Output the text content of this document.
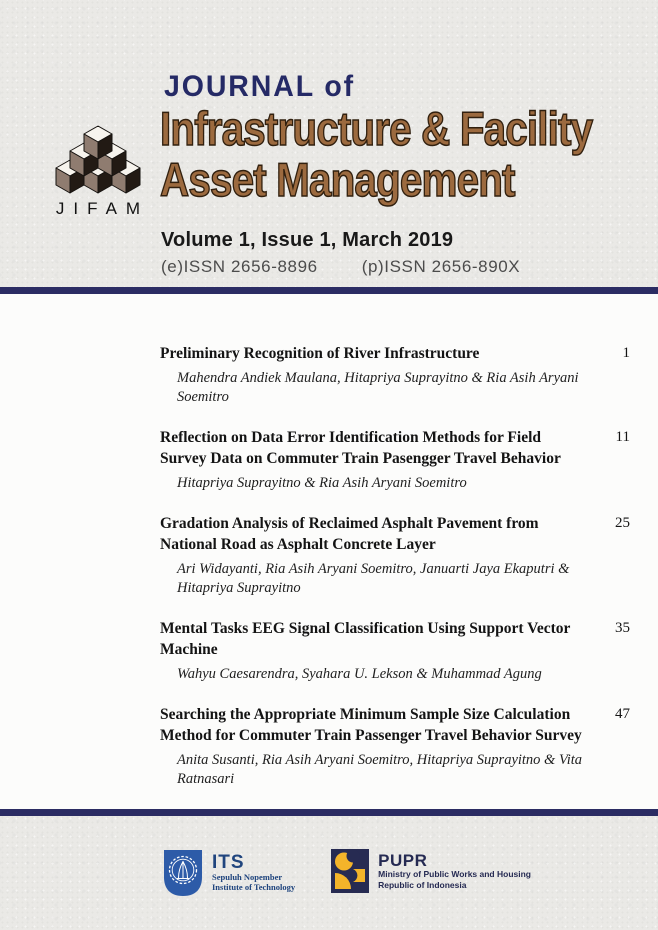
JIFAM
JOURNAL of
Infrastructure & Facility
Asset Management
Volume 1, Issue 1, March 2019
(e)ISSN 2656-8896	(p)ISSN 2656-890X
Preliminary Recognition of River Infrastructure
Mahendra Andiek Maulana, Hitapriya Suprayitno & Ria Asih Aryani Soemitro
1
Reflection on Data Error Identification Methods for Field Survey Data on Commuter Train Pasengger Travel Behavior
Hitapriya Suprayitno & Ria Asih Aryani Soemitro
11
Gradation Analysis of Reclaimed Asphalt Pavement from National Road as Asphalt Concrete Layer
Ari Widayanti, Ria Asih Aryani Soemitro, Januarti Jaya Ekaputri & Hitapriya Suprayitno
25
Mental Tasks EEG Signal Classification Using Support Vector Machine
Wahyu Caesarendra, Syahara U. Lekson & Muhammad Agung
35
Searching the Appropriate Minimum Sample Size Calculation Method for Commuter Train Passenger Travel Behavior Survey
Anita Susanti, Ria Asih Aryani Soemitro, Hitapriya Suprayitno & Vita Ratnasari
47
ITS
Sepuluh Nopember
Institute of Technology
PUPR
Ministry of Public Works and Housing
Republic of Indonesia
